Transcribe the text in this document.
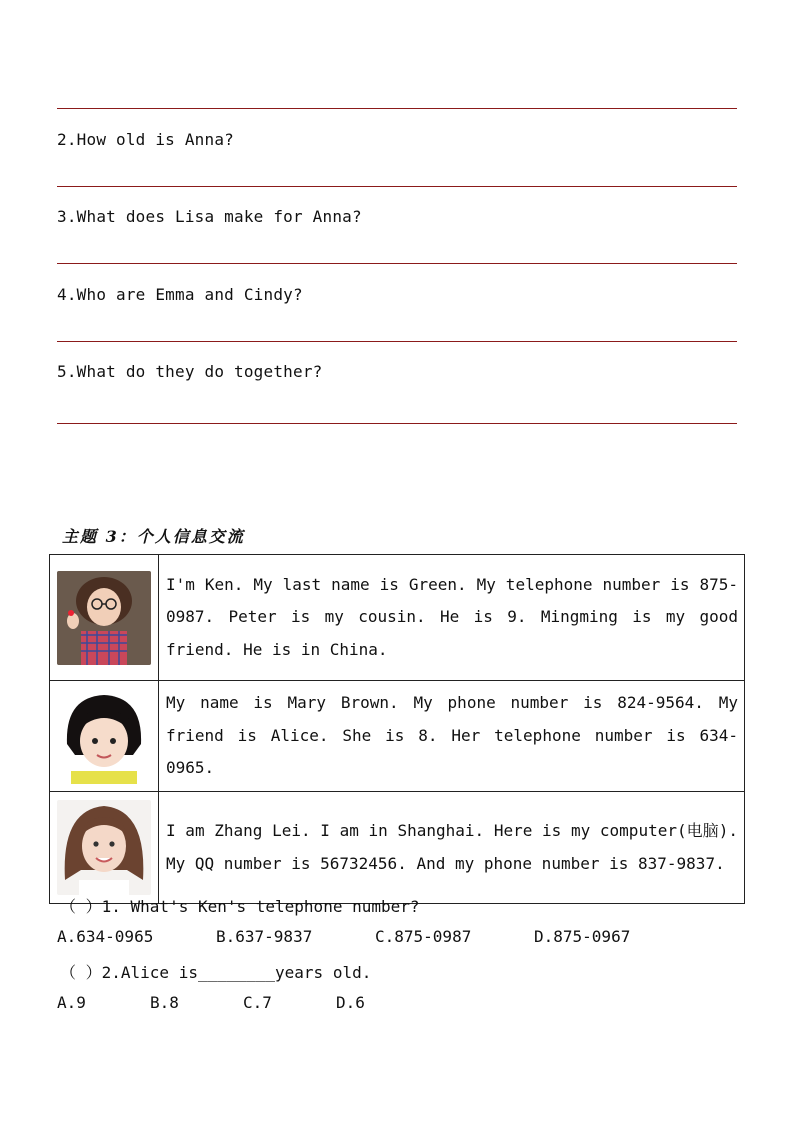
2.How old is Anna?
3.What does Lisa make for Anna?
4.Who are Emma and Cindy?
5.What do they do together?
主题 3：个人信息交流
	I'm Ken. My last name is Green. My telephone number is 875-0987. Peter is my cousin. He is 9. Mingming is my good friend. He is in China.

	My name is Mary Brown. My phone number is 824-9564. My friend is Alice. She is 8. Her telephone number is 634-0965.

	I am Zhang Lei. I am in Shanghai. Here is my computer(电脑). My QQ number is 56732456. And my phone number is 837-9837.
（ ）1. What's Ken's telephone number?
A.634-0965	B.637-9837	C.875-0987	D.875-0967
（ ）2.Alice is________years old.
A.9	B.8	C.7	D.6
